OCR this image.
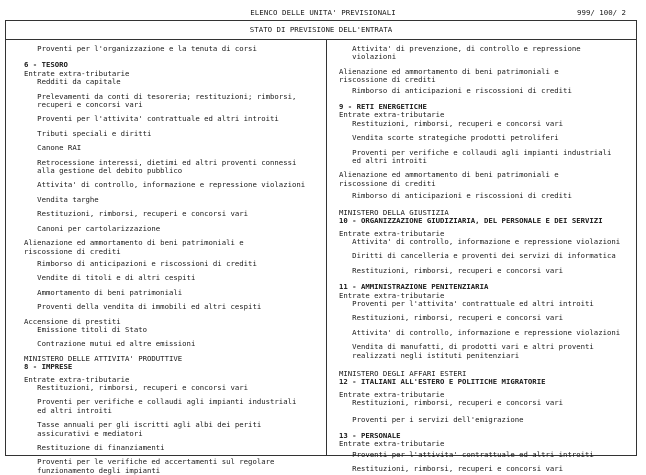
ELENCO DELLE UNITA' PREVISIONALI	999/ 100/ 2
STATO DI PREVISIONE DELL'ENTRATA
Proventi per l'organizzazione e la tenuta di corsi
6 - TESORO
Entrate extra-tributarie
Redditi da capitale
Prelevamenti da conti di tesoreria; restituzioni; rimborsi,
recuperi e concorsi vari
Proventi per l'attivita' contrattuale ed altri introiti
Tributi speciali e diritti
Canone RAI
Retrocessione interessi, dietimi ed altri proventi connessi
alla gestione del debito pubblico
Attivita' di controllo, informazione e repressione violazioni
Vendita targhe
Restituzioni, rimborsi, recuperi e concorsi vari
Canoni per cartolarizzazione
Alienazione ed ammortamento di beni patrimoniali e
riscossione di crediti
Rimborso di anticipazioni e riscossioni di crediti
Vendite di titoli e di altri cespiti
Ammortamento di beni patrimoniali
Proventi della vendita di immobili ed altri cespiti
Accensione di prestiti
Emissione titoli di Stato
Contrazione mutui ed altre emissioni
MINISTERO DELLE ATTIVITA' PRODUTTIVE
8 - IMPRESE
Entrate extra-tributarie
Restituzioni, rimborsi, recuperi e concorsi vari
Proventi per verifiche e collaudi agli impianti industriali
ed altri introiti
Tasse annuali per gli iscritti agli albi dei periti
assicurativi e mediatori
Restituzione di finanziamenti
Proventi per le verifiche ed accertamenti sul regolare
funzionamento degli impianti
Attivita' di prevenzione, di controllo e repressione
violazioni
Alienazione ed ammortamento di beni patrimoniali e
riscossione di crediti
Rimborso di anticipazioni e riscossioni di crediti
9 - RETI ENERGETICHE
Entrate extra-tributarie
Restituzioni, rimborsi, recuperi e concorsi vari
Vendita scorte strategiche prodotti petroliferi
Proventi per verifiche e collaudi agli impianti industriali
ed altri introiti
Alienazione ed ammortamento di beni patrimoniali e
riscossione di crediti
Rimborso di anticipazioni e riscossioni di crediti
MINISTERO DELLA GIUSTIZIA
10 - ORGANIZZAZIONE GIUDIZIARIA, DEL PERSONALE E DEI SERVIZI
Entrate extra-tributarie
Attivita' di controllo, informazione e repressione violazioni
Diritti di cancelleria e proventi dei servizi di informatica
Restituzioni, rimborsi, recuperi e concorsi vari
11 - AMMINISTRAZIONE PENITENZIARIA
Entrate extra-tributarie
Proventi per l'attivita' contrattuale ed altri introiti
Restituzioni, rimborsi, recuperi e concorsi vari
Attivita' di controllo, informazione e repressione violazioni
Vendita di manufatti, di prodotti vari e altri proventi
realizzati negli istituti penitenziari
MINISTERO DEGLI AFFARI ESTERI
12 - ITALIANI ALL'ESTERO E POLITICHE MIGRATORIE
Entrate extra-tributarie
Restituzioni, rimborsi, recuperi e concorsi vari
Proventi per i servizi dell'emigrazione
13 - PERSONALE
Entrate extra-tributarie
Proventi per l'attivita' contrattuale ed altri introiti
Restituzioni, rimborsi, recuperi e concorsi vari
